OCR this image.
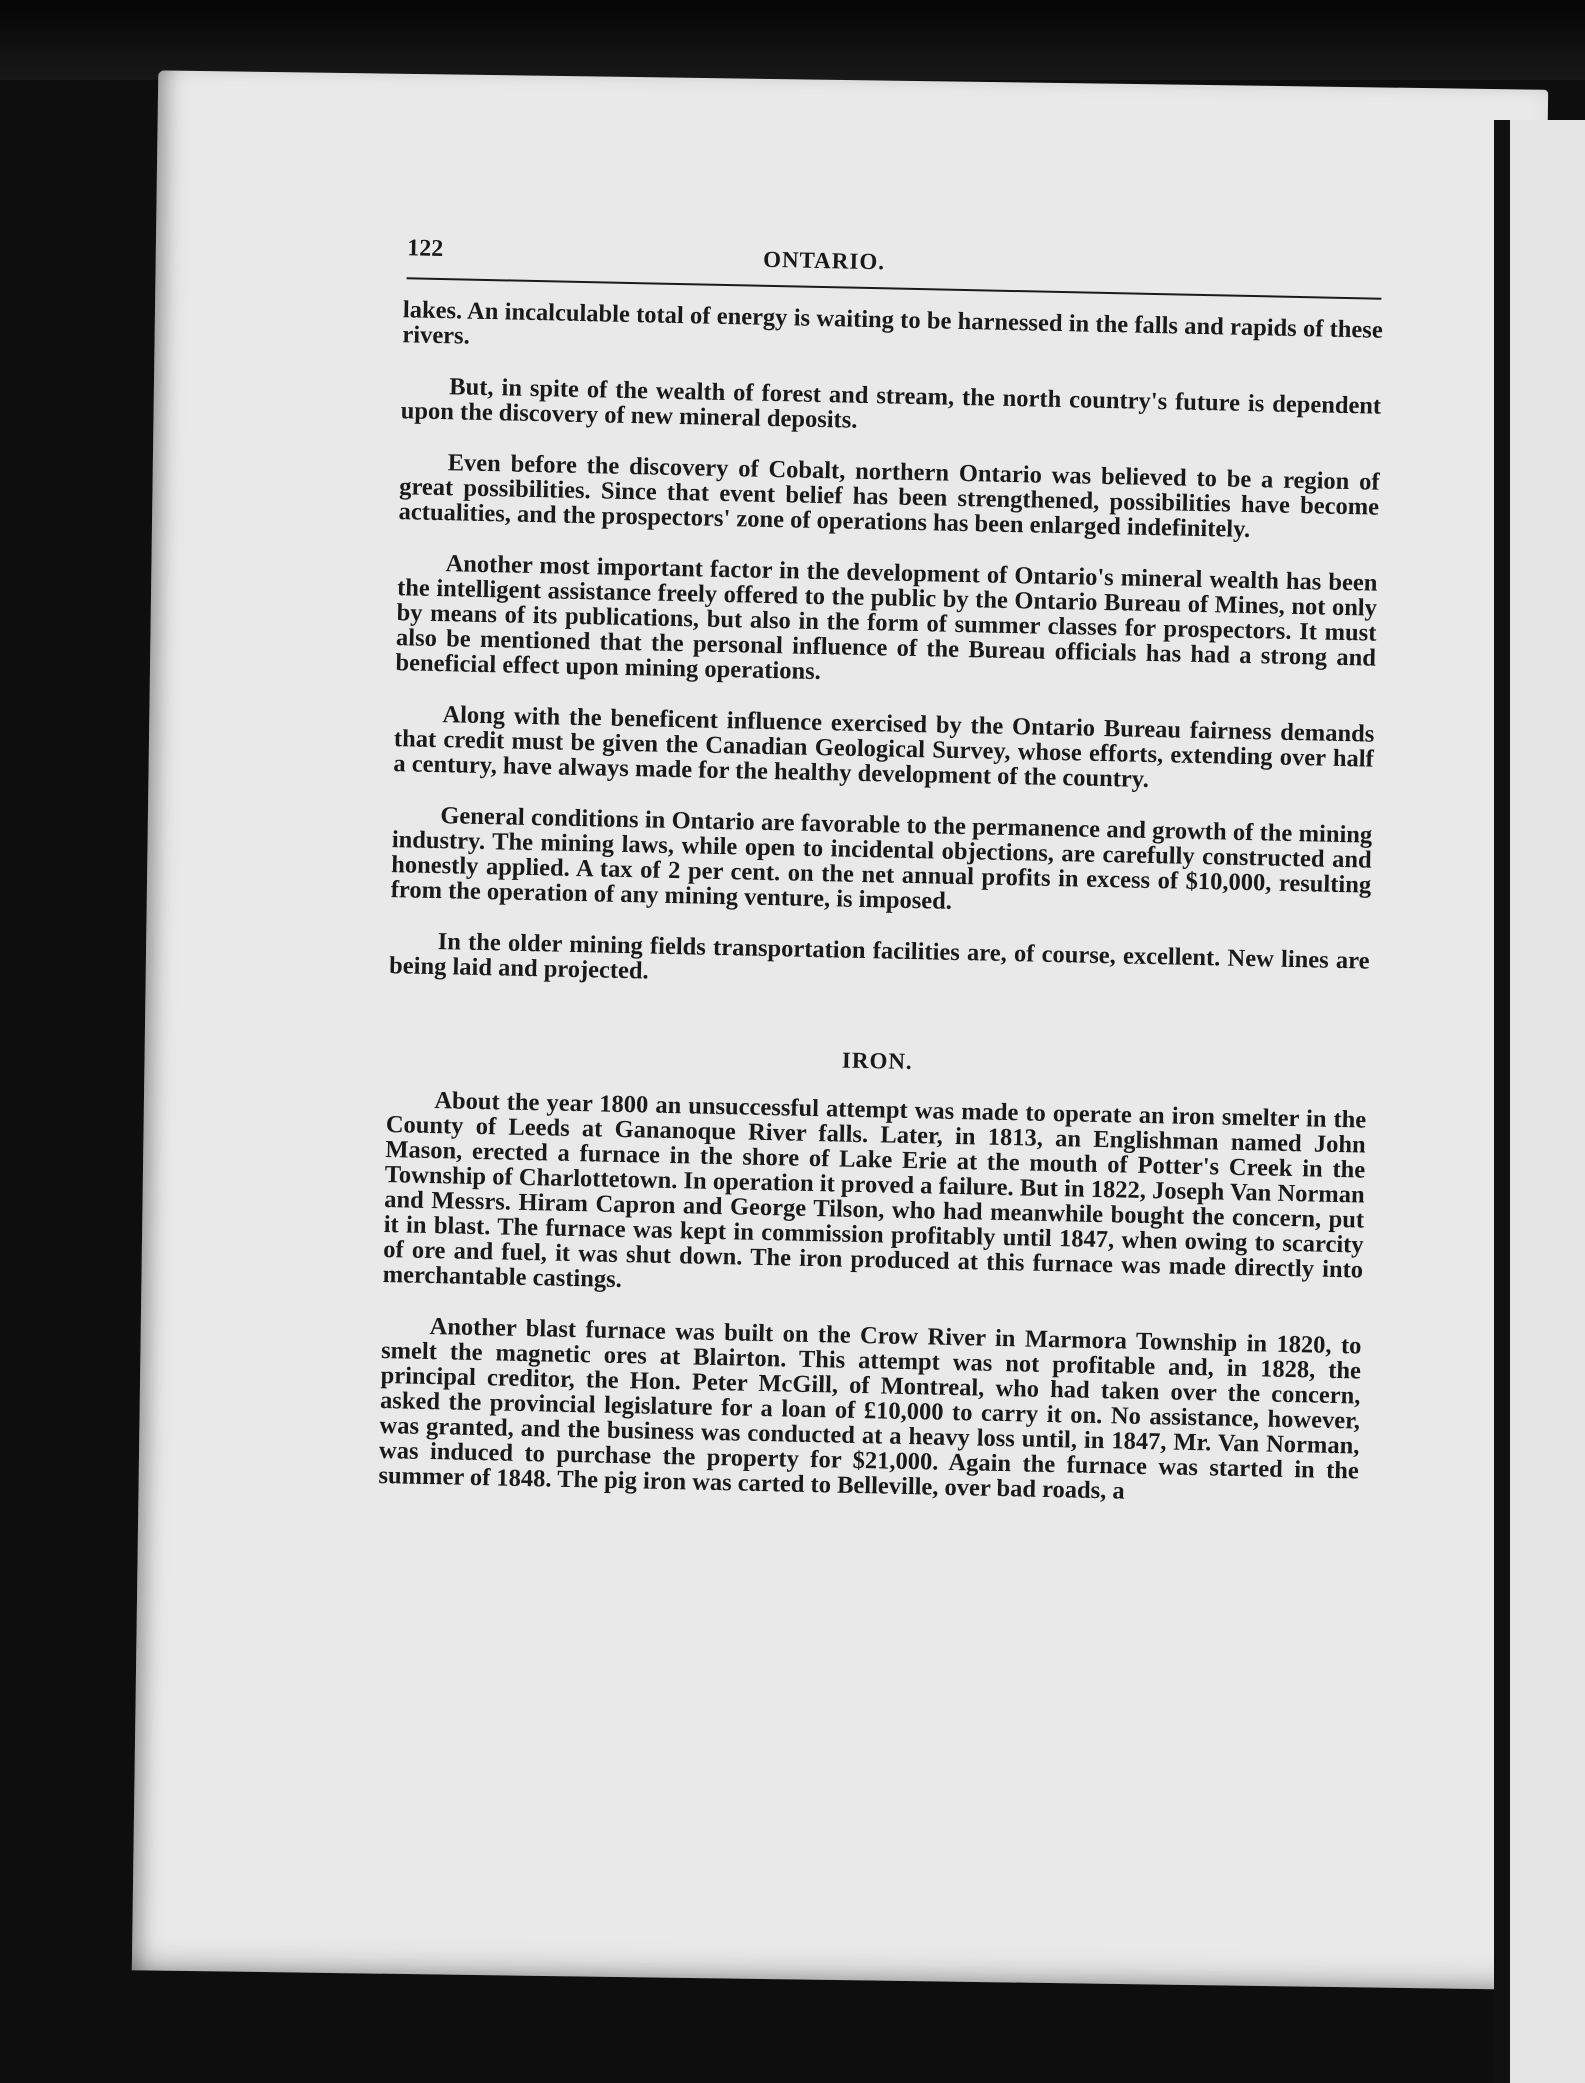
122	ONTARIO.

lakes. An incalculable total of energy is waiting to be harnessed in the falls and rapids of these rivers.

But, in spite of the wealth of forest and stream, the north country's future is dependent upon the discovery of new mineral deposits.

Even before the discovery of Cobalt, northern Ontario was believed to be a region of great possibilities. Since that event belief has been strengthened, possibilities have become actualities, and the prospectors' zone of operations has been enlarged indefinitely.

Another most important factor in the development of Ontario's mineral wealth has been the intelligent assistance freely offered to the public by the Ontario Bureau of Mines, not only by means of its publications, but also in the form of summer classes for prospectors. It must also be mentioned that the personal influence of the Bureau officials has had a strong and beneficial effect upon mining operations.

Along with the beneficent influence exercised by the Ontario Bureau fairness demands that credit must be given the Canadian Geological Survey, whose efforts, extending over half a century, have always made for the healthy development of the country.

General conditions in Ontario are favorable to the permanence and growth of the mining industry. The mining laws, while open to incidental objections, are carefully constructed and honestly applied. A tax of 2 per cent. on the net annual profits in excess of $10,000, resulting from the operation of any mining venture, is imposed.

In the older mining fields transportation facilities are, of course, excellent. New lines are being laid and projected.

IRON.

About the year 1800 an unsuccessful attempt was made to operate an iron smelter in the County of Leeds at Gananoque River falls. Later, in 1813, an Englishman named John Mason, erected a furnace in the shore of Lake Erie at the mouth of Potter's Creek in the Township of Charlottetown. In operation it proved a failure. But in 1822, Joseph Van Norman and Messrs. Hiram Capron and George Tilson, who had meanwhile bought the concern, put it in blast. The furnace was kept in commission profitably until 1847, when owing to scarcity of ore and fuel, it was shut down. The iron produced at this furnace was made directly into merchantable castings.

Another blast furnace was built on the Crow River in Marmora Township in 1820, to smelt the magnetic ores at Blairton. This attempt was not profitable and, in 1828, the principal creditor, the Hon. Peter McGill, of Montreal, who had taken over the concern, asked the provincial legislature for a loan of £10,000 to carry it on. No assistance, however, was granted, and the business was conducted at a heavy loss until, in 1847, Mr. Van Norman, was induced to purchase the property for $21,000. Again the furnace was started in the summer of 1848. The pig iron was carted to Belleville, over bad roads, a
